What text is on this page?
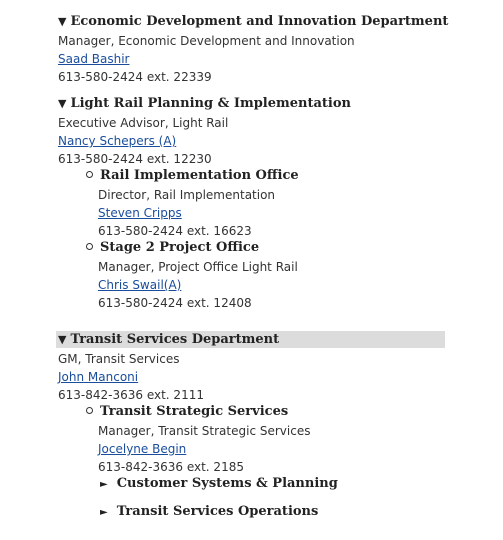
▼ Economic Development and Innovation Department
Manager, Economic Development and Innovation
Saad Bashir
613-580-2424 ext. 22339
▼ Light Rail Planning & Implementation
Executive Advisor, Light Rail
Nancy Schepers (A)
613-580-2424 ext. 12230
Rail Implementation Office
Director, Rail Implementation
Steven Cripps
613-580-2424 ext. 16623
Stage 2 Project Office
Manager, Project Office Light Rail
Chris Swail(A)
613-580-2424 ext. 12408
▼ Transit Services Department
GM, Transit Services
John Manconi
613-842-3636 ext. 2111
Transit Strategic Services
Manager, Transit Strategic Services
Jocelyne Begin
613-842-3636 ext. 2185
► Customer Systems & Planning
► Transit Services Operations
